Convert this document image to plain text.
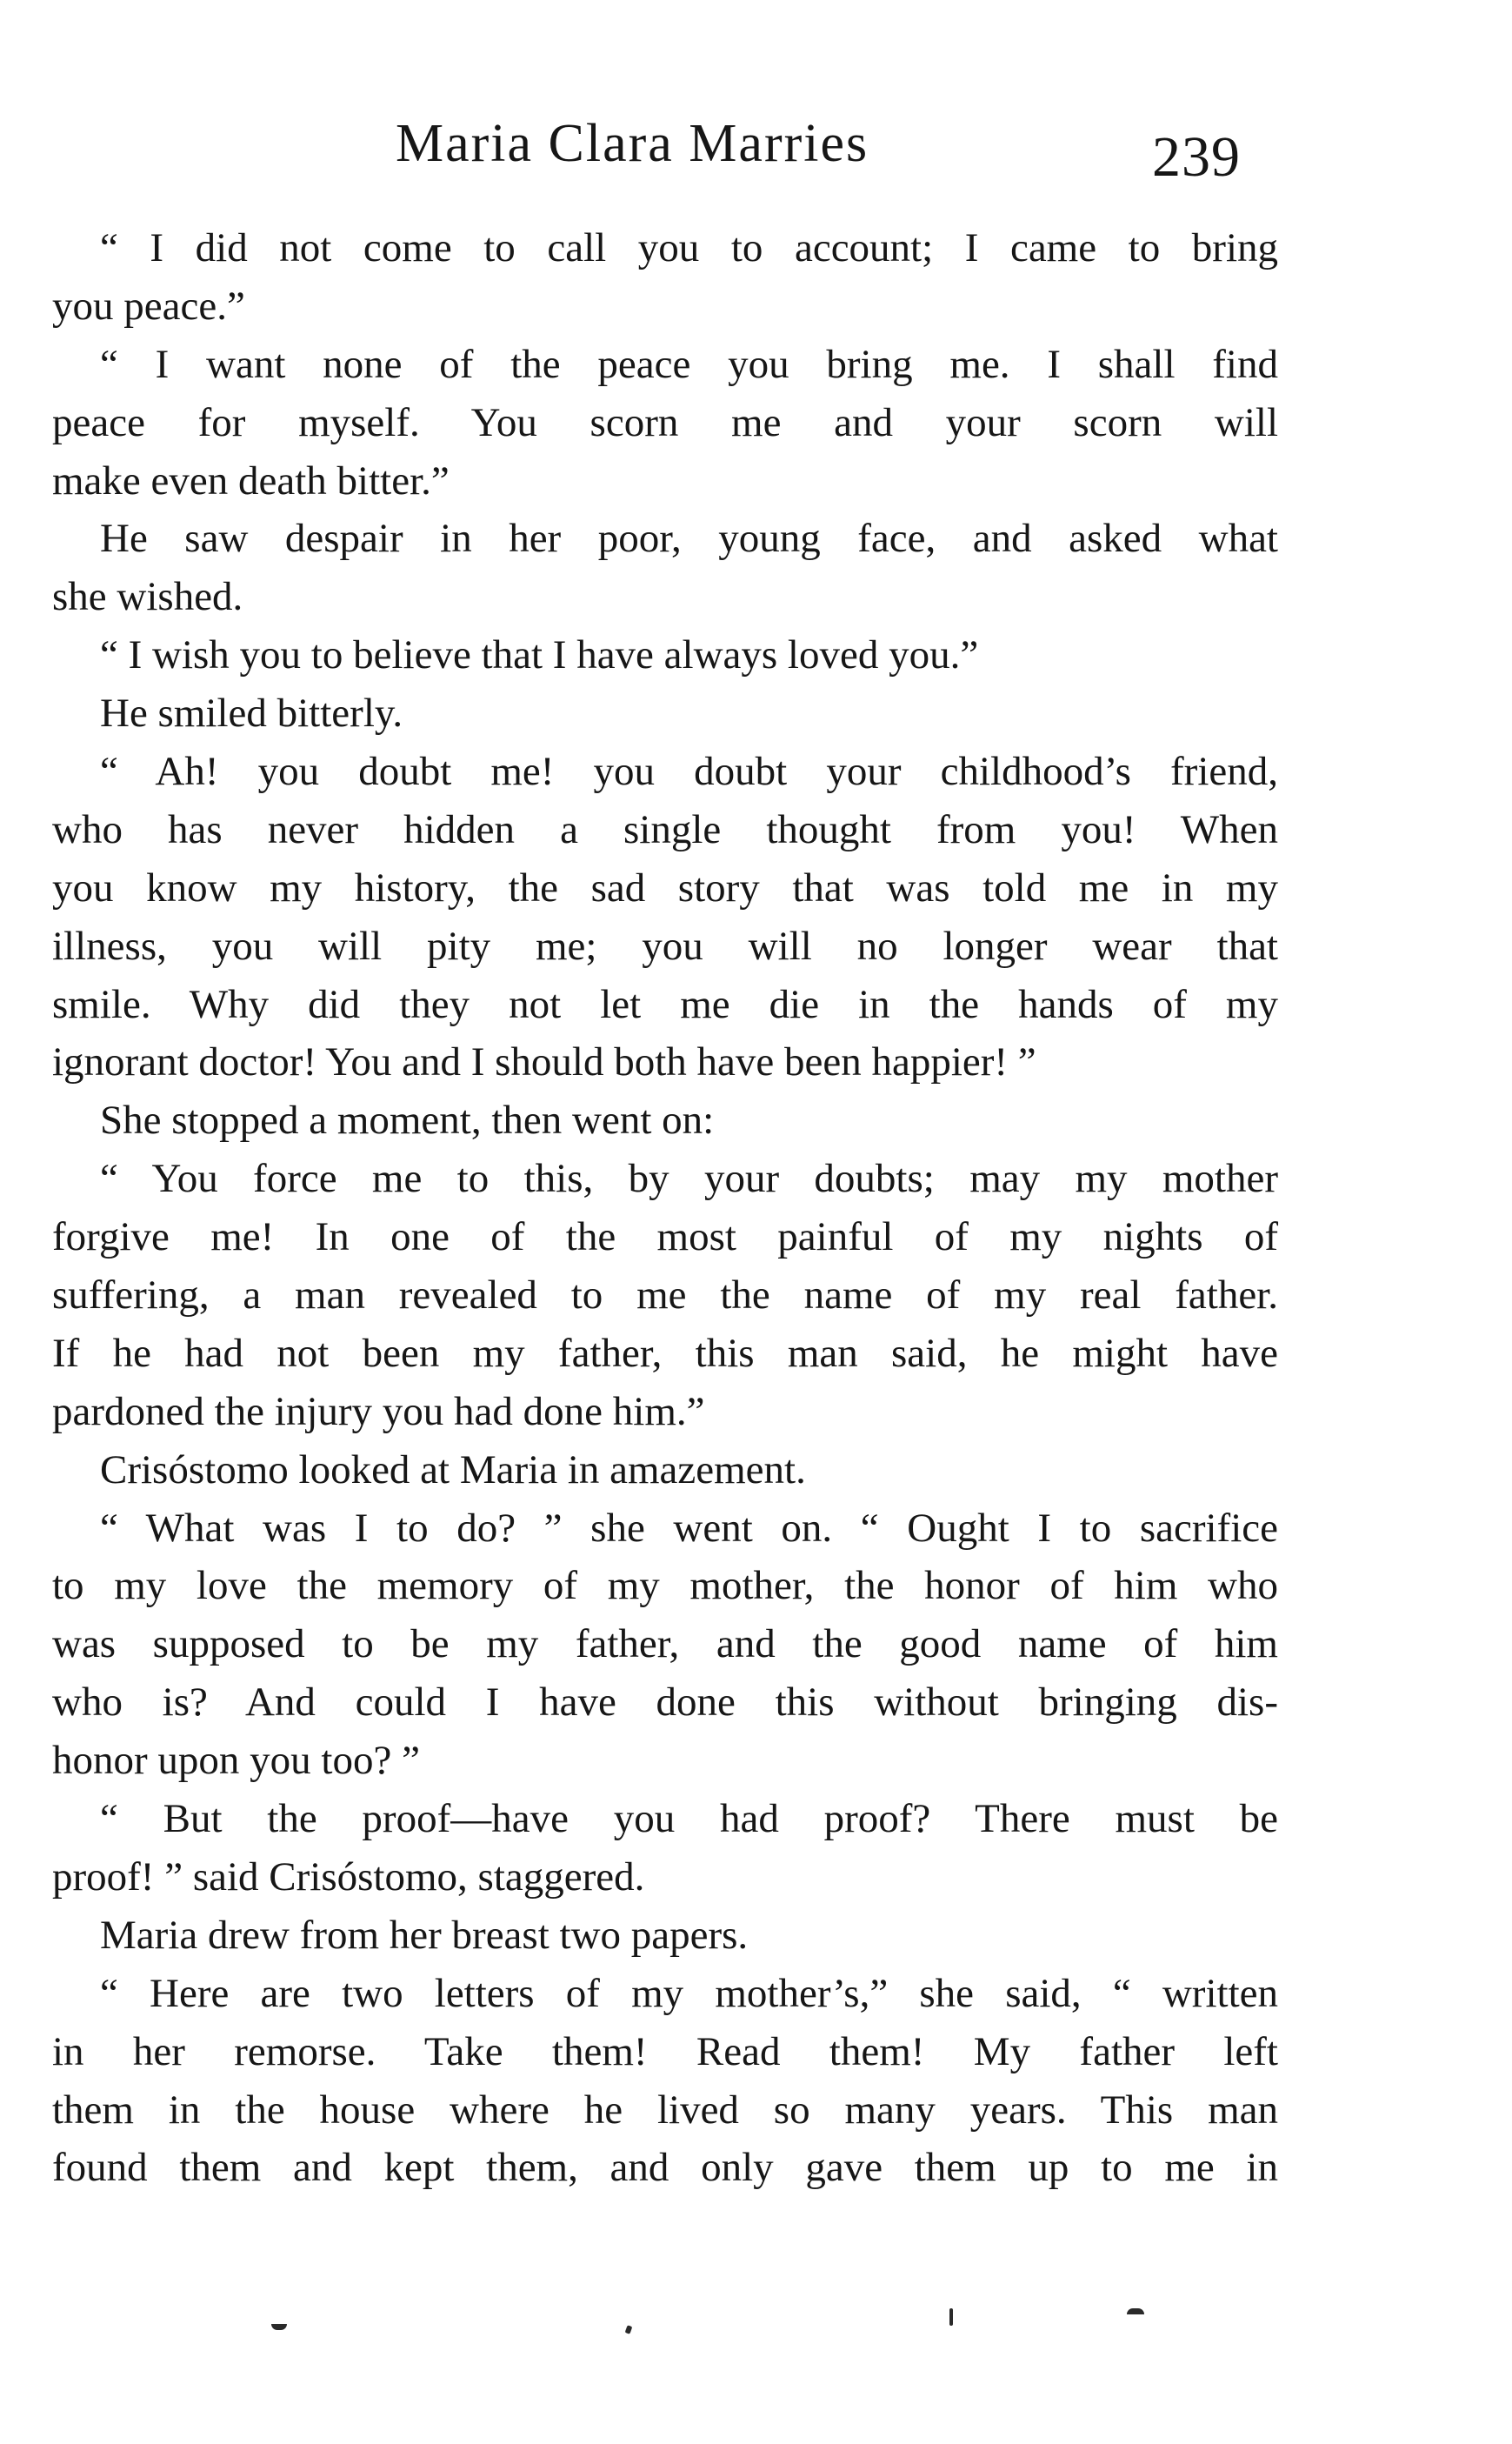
Maria Clara Marries	239
“ I did not come to call you to account; I came to bring
you peace.”
“ I want none of the peace you bring me. I shall find
peace for myself. You scorn me and your scorn will
make even death bitter.”
He saw despair in her poor, young face, and asked what
she wished.
“ I wish you to believe that I have always loved you.”
He smiled bitterly.
“ Ah! you doubt me! you doubt your childhood’s friend,
who has never hidden a single thought from you! When
you know my history, the sad story that was told me in my
illness, you will pity me; you will no longer wear that
smile. Why did they not let me die in the hands of my
ignorant doctor! You and I should both have been happier! ”
She stopped a moment, then went on:
“ You force me to this, by your doubts; may my mother
forgive me! In one of the most painful of my nights of
suffering, a man revealed to me the name of my real father.
If he had not been my father, this man said, he might have
pardoned the injury you had done him.”
Crisóstomo looked at Maria in amazement.
“ What was I to do? ” she went on. “ Ought I to sacrifice
to my love the memory of my mother, the honor of him who
was supposed to be my father, and the good name of him
who is? And could I have done this without bringing dis-
honor upon you too? ”
“ But the proof—have you had proof? There must be
proof! ” said Crisóstomo, staggered.
Maria drew from her breast two papers.
“ Here are two letters of my mother’s,” she said, “ written
in her remorse. Take them! Read them! My father left
them in the house where he lived so many years. This man
found them and kept them, and only gave them up to me in
